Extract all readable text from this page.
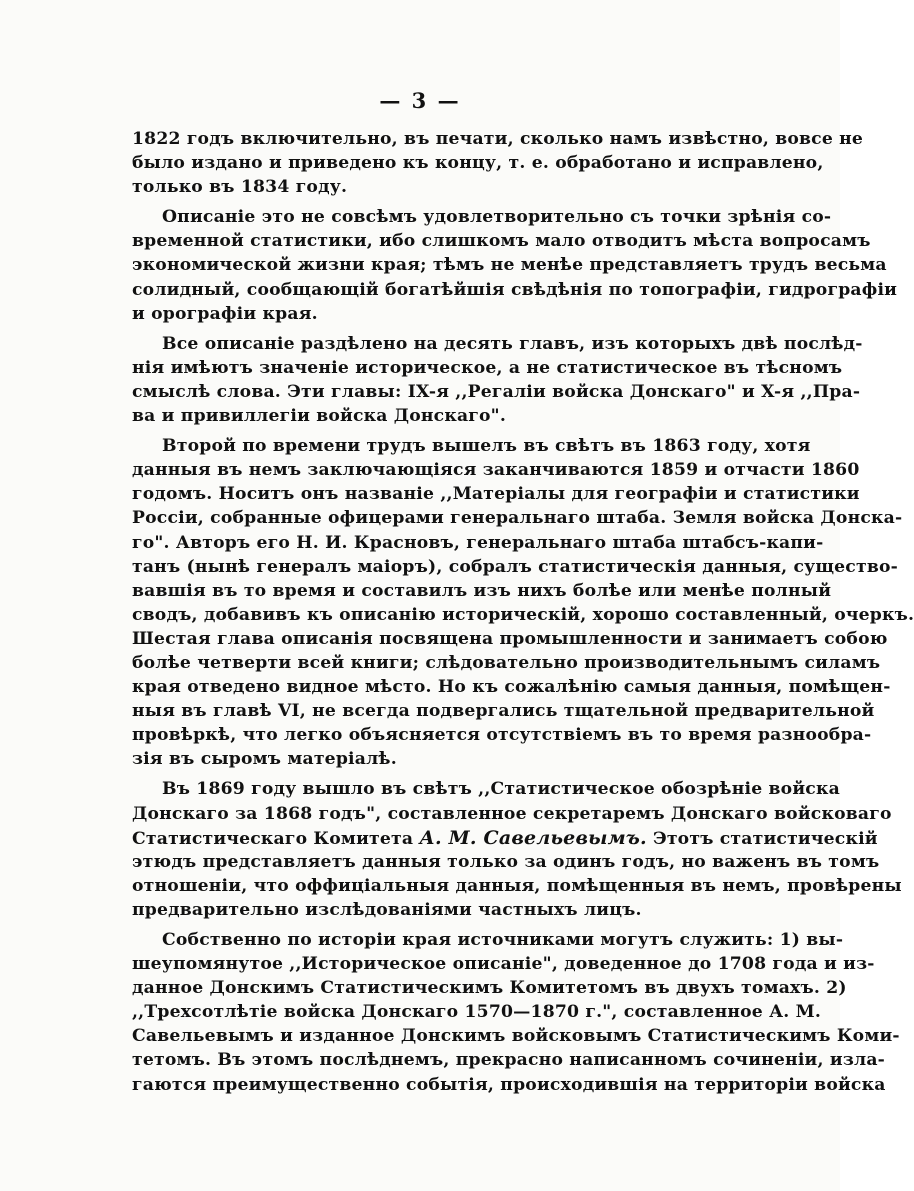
— 3 —
1822 годъ включительно, въ печати, сколько намъ извѣстно, вовсе не
было издано и приведено къ концу, т. е. обработано и исправлено,
только въ 1834 году.
Описаніе это не совсѣмъ удовлетворительно съ точки зрѣнія со-
временной статистики, ибо слишкомъ мало отводитъ мѣста вопросамъ
экономической жизни края; тѣмъ не менѣе представляетъ трудъ весьма
солидный, сообщающій богатѣйшія свѣдѣнія по топографіи, гидрографіи
и орографіи края.
Все описаніе раздѣлено на десять главъ, изъ которыхъ двѣ послѣд-
нія имѣютъ значеніе историческое, а не статистическое въ тѣсномъ
смыслѣ слова. Эти главы: IX-я ,,Регаліи войска Донскаго" и X-я ,,Пра-
ва и привиллегіи войска Донскаго".
Второй по времени трудъ вышелъ въ свѣтъ въ 1863 году, хотя
данныя въ немъ заключающіяся заканчиваются 1859 и отчасти 1860
годомъ. Носитъ онъ названіе ,,Матеріалы для географіи и статистики
Россіи, собранные офицерами генеральнаго штаба. Земля войска Донска-
го". Авторъ его Н. И. Красновъ, генеральнаго штаба штабсъ-капи-
танъ (нынѣ генералъ маіоръ), собралъ статистическія данныя, существо-
вавшія въ то время и составилъ изъ нихъ болѣе или менѣе полный
сводъ, добавивъ къ описанію историческій, хорошо составленный, очеркъ.
Шестая глава описанія посвящена промышленности и занимаетъ собою
болѣе четверти всей книги; слѣдовательно производительнымъ силамъ
края отведено видное мѣсто. Но къ сожалѣнію самыя данныя, помѣщен-
ныя въ главѣ VI, не всегда подвергались тщательной предварительной
провѣркѣ, что легко объясняется отсутствіемъ въ то время разнообра-
зія въ сыромъ матеріалѣ.
Въ 1869 году вышло въ свѣтъ ,,Статистическое обозрѣніе войска
Донскаго за 1868 годъ", составленное секретаремъ Донскаго войсковаго
Статистическаго Комитета А. М. Савельевымъ. Этотъ статистическій
этюдъ представляетъ данныя только за одинъ годъ, но важенъ въ томъ
отношеніи, что оффиціальныя данныя, помѣщенныя въ немъ, провѣрены
предварительно изслѣдованіями частныхъ лицъ.
Собственно по исторіи края источниками могутъ служить: 1) вы-
шеупомянутое ,,Историческое описаніе", доведенное до 1708 года и из-
данное Донскимъ Статистическимъ Комитетомъ въ двухъ томахъ. 2)
,,Трехсотлѣтіе войска Донскаго 1570—1870 г.", составленное А. М.
Савельевымъ и изданное Донскимъ войсковымъ Статистическимъ Коми-
тетомъ. Въ этомъ послѣднемъ, прекрасно написанномъ сочиненіи, изла-
гаются преимущественно событія, происходившія на территоріи войска
